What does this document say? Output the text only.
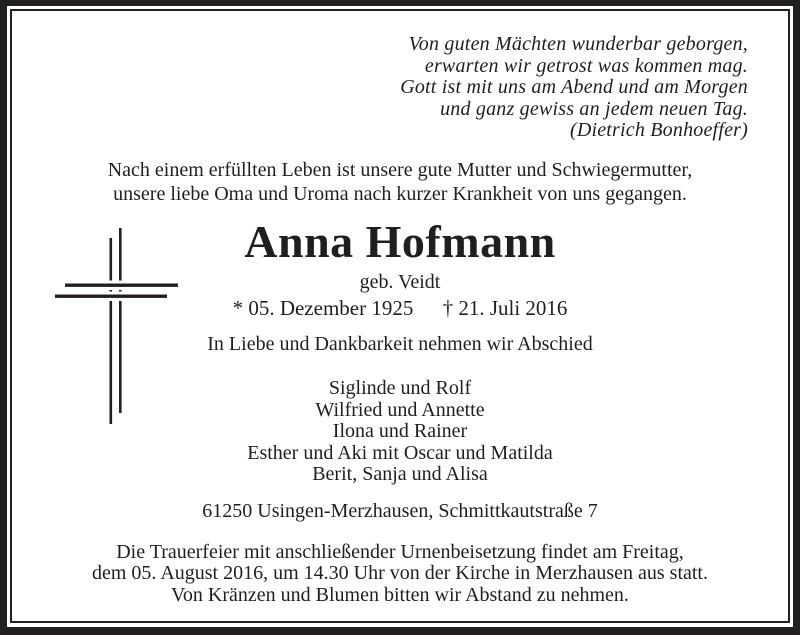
Von guten Mächten wunderbar geborgen,
erwarten wir getrost was kommen mag.
Gott ist mit uns am Abend und am Morgen
und ganz gewiss an jedem neuen Tag.
(Dietrich Bonhoeffer)
Nach einem erfüllten Leben ist unsere gute Mutter und Schwiegermutter,
unsere liebe Oma und Uroma nach kurzer Krankheit von uns gegangen.
Anna Hofmann
geb. Veidt
* 05. Dezember 1925 † 21. Juli 2016
In Liebe und Dankbarkeit nehmen wir Abschied
Siglinde und Rolf
Wilfried und Annette
Ilona und Rainer
Esther und Aki mit Oscar und Matilda
Berit, Sanja und Alisa
61250 Usingen-Merzhausen, Schmittkautstraße 7
Die Trauerfeier mit anschließender Urnenbeisetzung findet am Freitag,
dem 05. August 2016, um 14.30 Uhr von der Kirche in Merzhausen aus statt.
Von Kränzen und Blumen bitten wir Abstand zu nehmen.
